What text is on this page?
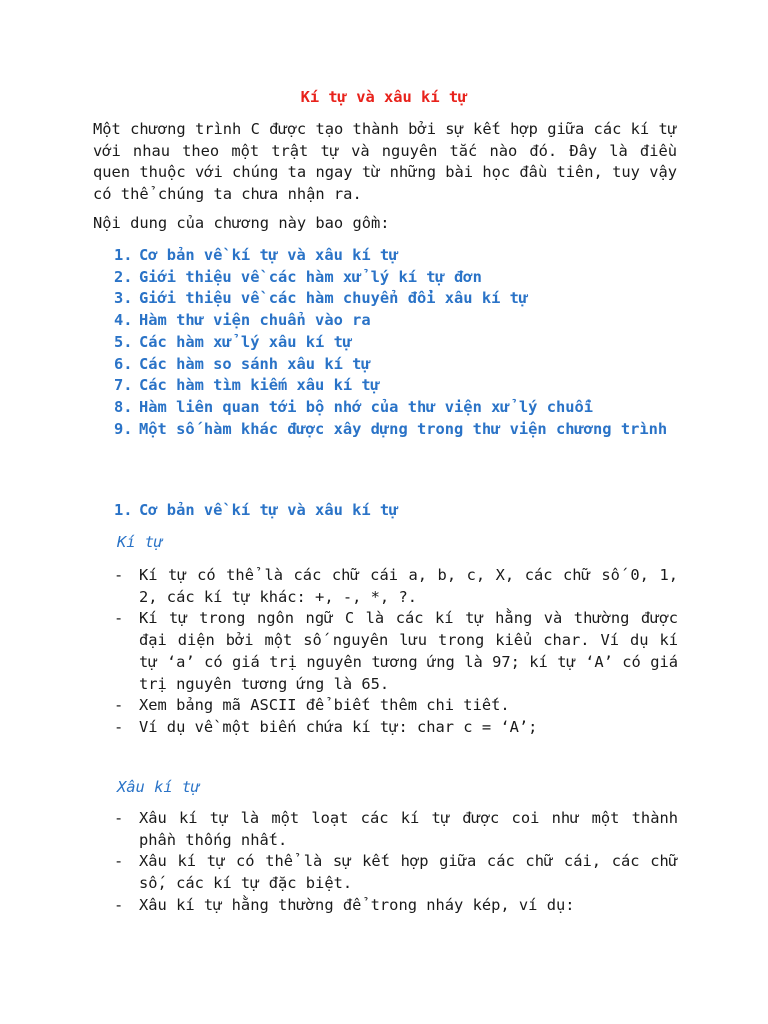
Kí tự và xâu kí tự

Một chương trình C được tạo thành bởi sự kết hợp giữa các kí tự với nhau theo một trật tự và nguyên tắc nào đó. Đây là điều quen thuộc với chúng ta ngay từ những bài học đầu tiên, tuy vậy có thể chúng ta chưa nhận ra.

Nội dung của chương này bao gồm:

1. Cơ bản về kí tự và xâu kí tự
2. Giới thiệu về các hàm xử lý kí tự đơn
3. Giới thiệu về các hàm chuyển đổi xâu kí tự
4. Hàm thư viện chuẩn vào ra
5. Các hàm xử lý xâu kí tự
6. Các hàm so sánh xâu kí tự
7. Các hàm tìm kiếm xâu kí tự
8. Hàm liên quan tới bộ nhớ của thư viện xử lý chuỗi
9. Một số hàm khác được xây dựng trong thư viện chương trình
1. Cơ bản về kí tự và xâu kí tự
Kí tự
- Kí tự có thể là các chữ cái a, b, c, X, các chữ số 0, 1, 2, các kí tự khác: +, -, *, ?.
- Kí tự trong ngôn ngữ C là các kí tự hằng và thường được đại diện bởi một số nguyên lưu trong kiểu char. Ví dụ kí tự ‘a’ có giá trị nguyên tương ứng là 97; kí tự ‘A’ có giá trị nguyên tương ứng là 65.
- Xem bảng mã ASCII để biết thêm chi tiết.
- Ví dụ về một biến chứa kí tự: char c = ‘A’;
Xâu kí tự
- Xâu kí tự là một loạt các kí tự được coi như một thành phần thống nhất.
- Xâu kí tự có thể là sự kết hợp giữa các chữ cái, các chữ số, các kí tự đặc biệt.
- Xâu kí tự hằng thường để trong nháy kép, ví dụ:
